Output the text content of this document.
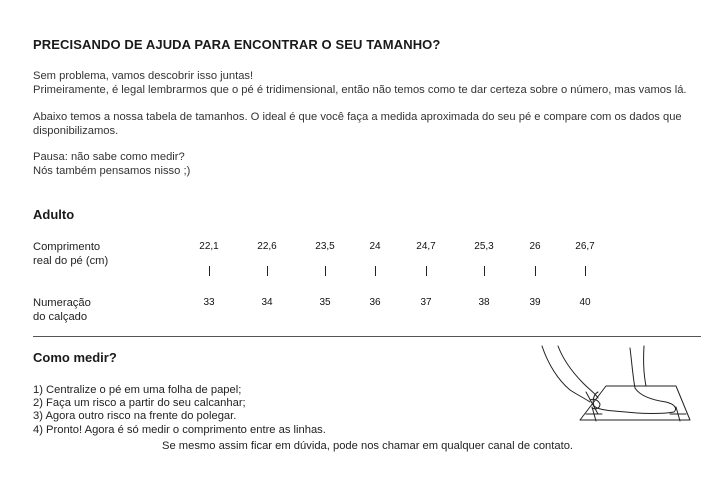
PRECISANDO DE AJUDA PARA ENCONTRAR O SEU TAMANHO?
Sem problema, vamos descobrir isso juntas!
Primeiramente, é legal lembrarmos que o pé é tridimensional, então não temos como te dar certeza sobre o número, mas vamos lá.
Abaixo temos a nossa tabela de tamanhos. O ideal é que você faça a medida aproximada do seu pé e compare com os dados que
disponibilizamos.
Pausa: não sabe como medir?
Nós também pensamos nisso ;)
Adulto
Comprimento
real do pé (cm)
Numeração
do calçado
22,1
33
22,6
34
23,5
35
24
36
24,7
37
25,3
38
26
39
26,7
40
Como medir?
1) Centralize o pé em uma folha de papel;
2) Faça um risco a partir do seu calcanhar;
3) Agora outro risco na frente do polegar.
4) Pronto! Agora é só medir o comprimento entre as linhas.
Se mesmo assim ficar em dúvida, pode nos chamar em qualquer canal de contato.
